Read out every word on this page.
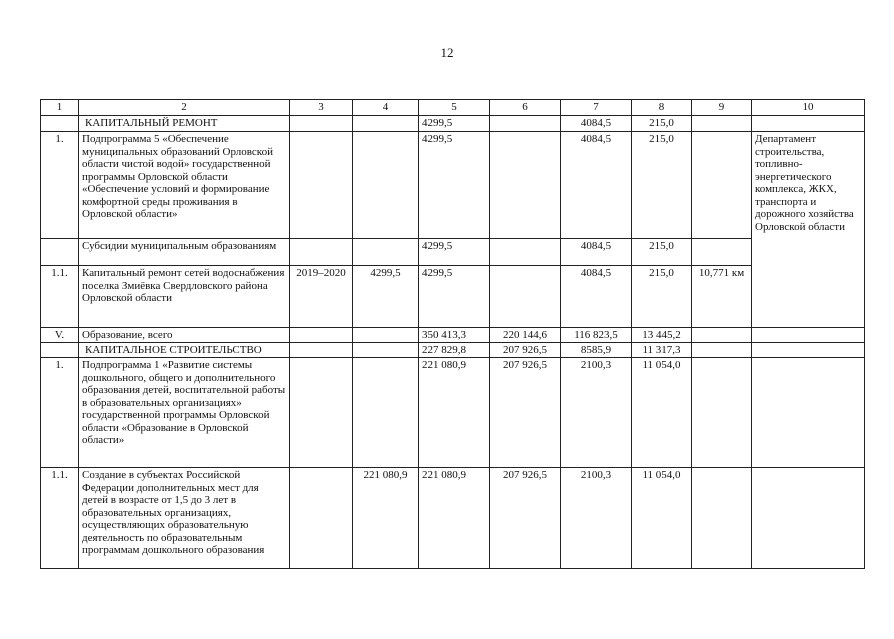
12
1	2	3	4	5	6	7	8	9	10
	КАПИТАЛЬНЫЙ РЕМОНТ			4299,5		4084,5	215,0		
1.	Подпрограмма 5 «Обеспечение муниципальных образований Орловской области чистой водой» государственной программы Орловской области «Обеспечение условий и формирование комфортной среды проживания в Орловской области»			4299,5		4084,5	215,0		Департамент строительства, топливно-энергетического комплекса, ЖКХ, транспорта и дорожного хозяйства Орловской области
	Субсидии муниципальным образованиям			4299,5		4084,5	215,0		
1.1.	Капитальный ремонт сетей водоснабжения поселка Змиёвка Свердловского района Орловской области	2019–2020	4299,5	4299,5		4084,5	215,0	10,771 км	
V.	Образование, всего			350 413,3	220 144,6	116 823,5	13 445,2		
	КАПИТАЛЬНОЕ СТРОИТЕЛЬСТВО			227 829,8	207 926,5	8585,9	11 317,3		
1.	Подпрограмма 1 «Развитие системы дошкольного, общего и дополнительного образования детей, воспитательной работы в образовательных организациях» государственной программы Орловской области «Образование в Орловской области»			221 080,9	207 926,5	2100,3	11 054,0		
1.1.	Создание в субъектах Российской Федерации дополнительных мест для детей в возрасте от 1,5 до 3 лет в образовательных организациях, осуществляющих образовательную деятельность по образовательным программам дошкольного образования		221 080,9	221 080,9	207 926,5	2100,3	11 054,0		
